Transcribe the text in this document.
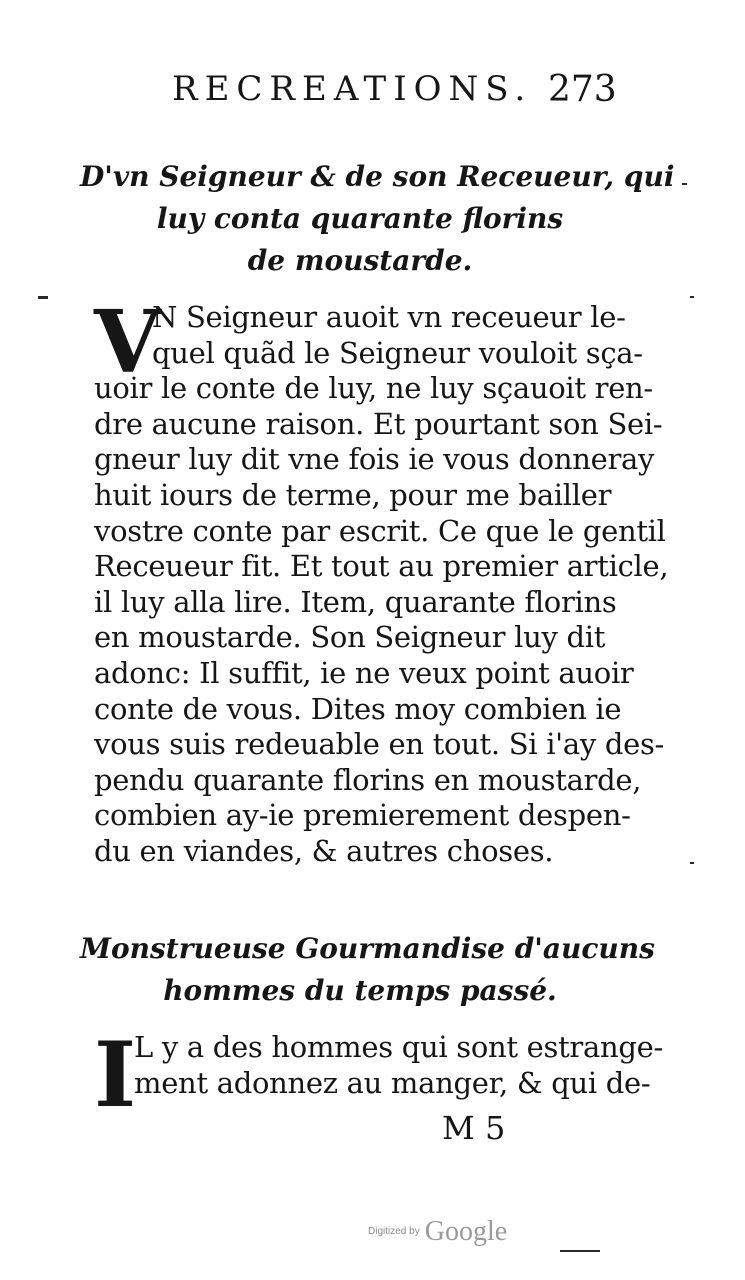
RECREATIONS. 273
D'vn Seigneur & de son Receueur, qui
luy conta quarante florins
de moustarde.
V
N Seigneur auoit vn receueur le-
quel quãd le Seigneur vouloit sça-
uoir le conte de luy, ne luy sçauoit ren-
dre aucune raison. Et pourtant son Sei-
gneur luy dit vne fois ie vous donneray
huit iours de terme, pour me bailler
vostre conte par escrit. Ce que le gentil
Receueur fit. Et tout au premier article,
il luy alla lire. Item, quarante florins
en moustarde. Son Seigneur luy dit
adonc: Il suffit, ie ne veux point auoir
conte de vous. Dites moy combien ie
vous suis redeuable en tout. Si i'ay des-
pendu quarante florins en moustarde,
combien ay-ie premierement despen-
du en viandes, & autres choses.
Monstrueuse Gourmandise d'aucuns
hommes du temps passé.
I
L y a des hommes qui sont estrange-
ment adonnez au manger, & qui de-
M 5
Digitized by Google
